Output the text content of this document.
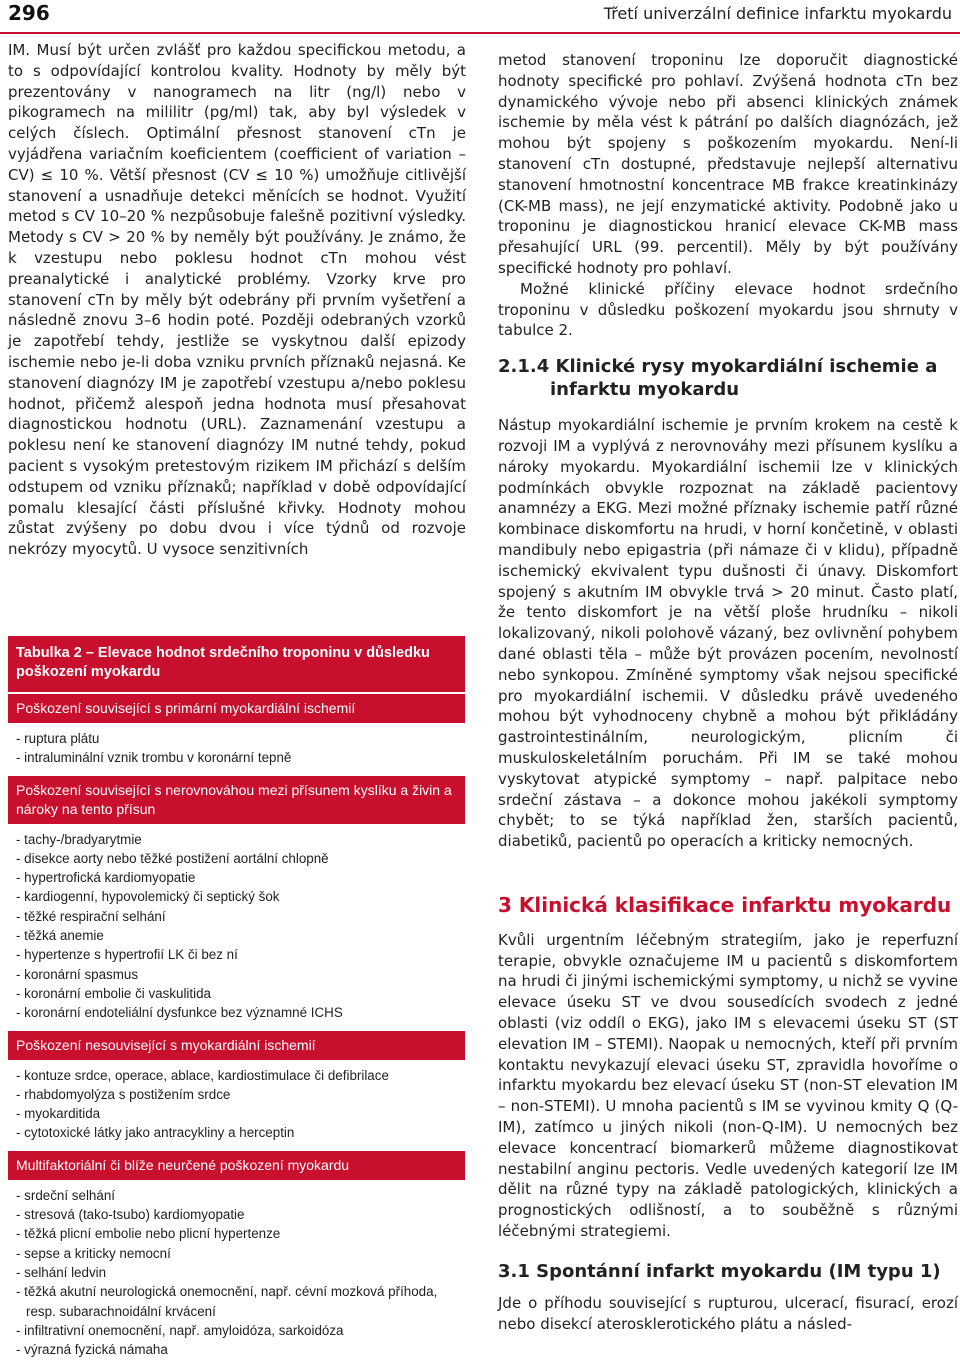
296	Třetí univerzální definice infarktu myokardu

IM. Musí být určen zvlášť pro každou specifickou metodu, a to s odpovídající kontrolou kvality. Hodnoty by měly být prezentovány v nanogramech na litr (ng/l) nebo v pikogramech na mililitr (pg/ml) tak, aby byl výsledek v celých číslech. Optimální přesnost stanovení cTn je vyjádřena variačním koeficientem (coefficient of variation – CV) ≤ 10 %. Větší přesnost (CV ≤ 10 %) umožňuje citlivější stanovení a usnadňuje detekci měnících se hodnot. Využití metod s CV 10–20 % nezpůsobuje falešně pozitivní výsledky. Metody s CV > 20 % by neměly být používány. Je známo, že k vzestupu nebo poklesu hodnot cTn mohou vést preanalytické i analytické problémy. Vzorky krve pro stanovení cTn by měly být odebrány při prvním vyšetření a následně znovu 3–6 hodin poté. Později odebraných vzorků je zapotřebí tehdy, jestliže se vyskytnou další epizody ischemie nebo je-li doba vzniku prvních příznaků nejasná. Ke stanovení diagnózy IM je zapotřebí vzestupu a/nebo poklesu hodnot, přičemž alespoň jedna hodnota musí přesahovat diagnostickou hodnotu (URL). Zaznamenání vzestupu a poklesu není ke stanovení diagnózy IM nutné tehdy, pokud pacient s vysokým pretestovým rizikem IM přichází s delším odstupem od vzniku příznaků; například v době odpovídající pomalu klesající části příslušné křivky. Hodnoty mohou zůstat zvýšeny po dobu dvou i více týdnů od rozvoje nekrózy myocytů. U vysoce senzitivních

Tabulka 2 – Elevace hodnot srdečního troponinu v důsledku poškození myokardu
Poškození související s primární myokardiální ischemií
- ruptura plátu
- intraluminální vznik trombu v koronární tepně
Poškození související s nerovnováhou mezi přísunem kyslíku a živin a nároky na tento přísun
- tachy-/bradyarytmie
- disekce aorty nebo těžké postižení aortální chlopně
- hypertrofická kardiomyopatie
- kardiogenní, hypovolemický či septický šok
- těžké respirační selhání
- těžká anemie
- hypertenze s hypertrofií LK či bez ní
- koronární spasmus
- koronární embolie či vaskulitida
- koronární endoteliální dysfunkce bez významné ICHS
Poškození nesouvisející s myokardiální ischemií
- kontuze srdce, operace, ablace, kardiostimulace či defibrilace
- rhabdomyolýza s postižením srdce
- myokarditida
- cytotoxické látky jako antracykliny a herceptin
Multifaktoriální či blíže neurčené poškození myokardu
- srdeční selhání
- stresová (tako-tsubo) kardiomyopatie
- těžká plicní embolie nebo plicní hypertenze
- sepse a kriticky nemocní
- selhání ledvin
- těžká akutní neurologická onemocnění, např. cévní mozková příhoda, resp. subarachnoidální krvácení
- infiltrativní onemocnění, např. amyloidóza, sarkoidóza
- výrazná fyzická námaha

metod stanovení troponinu lze doporučit diagnostické hodnoty specifické pro pohlaví. Zvýšená hodnota cTn bez dynamického vývoje nebo při absenci klinických známek ischemie by měla vést k pátrání po dalších diagnózách, jež mohou být spojeny s poškozením myokardu. Není-li stanovení cTn dostupné, představuje nejlepší alternativu stanovení hmotnostní koncentrace MB frakce kreatinkinázy (CK-MB mass), ne její enzymatické aktivity. Podobně jako u troponinu je diagnostickou hranicí elevace CK-MB mass přesahující URL (99. percentil). Měly by být používány specifické hodnoty pro pohlaví.

Možné klinické příčiny elevace hodnot srdečního troponinu v důsledku poškození myokardu jsou shrnuty v tabulce 2.

2.1.4 Klinické rysy myokardiální ischemie a infarktu myokardu

Nástup myokardiální ischemie je prvním krokem na cestě k rozvoji IM a vyplývá z nerovnováhy mezi přísunem kyslíku a nároky myokardu. Myokardiální ischemii lze v klinických podmínkách obvykle rozpoznat na základě pacientovy anamnézy a EKG. Mezi možné příznaky ischemie patří různé kombinace diskomfortu na hrudi, v horní končetině, v oblasti mandibuly nebo epigastria (při námaze či v klidu), případně ischemický ekvivalent typu dušnosti či únavy. Diskomfort spojený s akutním IM obvykle trvá > 20 minut. Často platí, že tento diskomfort je na větší ploše hrudníku – nikoli lokalizovaný, nikoli polohově vázaný, bez ovlivnění pohybem dané oblasti těla – může být provázen pocením, nevolností nebo synkopou. Zmíněné symptomy však nejsou specifické pro myokardiální ischemii. V důsledku právě uvedeného mohou být vyhodnoceny chybně a mohou být přikládány gastrointestinálním, neurologickým, plicním či muskuloskeletálním poruchám. Při IM se také mohou vyskytovat atypické symptomy – např. palpitace nebo srdeční zástava – a dokonce mohou jakékoli symptomy chybět; to se týká například žen, starších pacientů, diabetiků, pacientů po operacích a kriticky nemocných.

3 Klinická klasifikace infarktu myokardu

Kvůli urgentním léčebným strategiím, jako je reperfuzní terapie, obvykle označujeme IM u pacientů s diskomfortem na hrudi či jinými ischemickými symptomy, u nichž se vyvine elevace úseku ST ve dvou sousedících svodech z jedné oblasti (viz oddíl o EKG), jako IM s elevacemi úseku ST (ST elevation IM – STEMI). Naopak u nemocných, kteří při prvním kontaktu nevykazují elevaci úseku ST, zpravidla hovoříme o infarktu myokardu bez elevací úseku ST (non-ST elevation IM – non-STEMI). U mnoha pacientů s IM se vyvinou kmity Q (Q-IM), zatímco u jiných nikoli (non-Q-IM). U nemocných bez elevace koncentrací biomarkerů můžeme diagnostikovat nestabilní anginu pectoris. Vedle uvedených kategorií lze IM dělit na různé typy na základě patologických, klinických a prognostických odlišností, a to souběžně s různými léčebnými strategiemi.

3.1 Spontánní infarkt myokardu (IM typu 1)

Jde o příhodu související s rupturou, ulcerací, fisurací, erozí nebo disekcí aterosklerotického plátu a násled-
